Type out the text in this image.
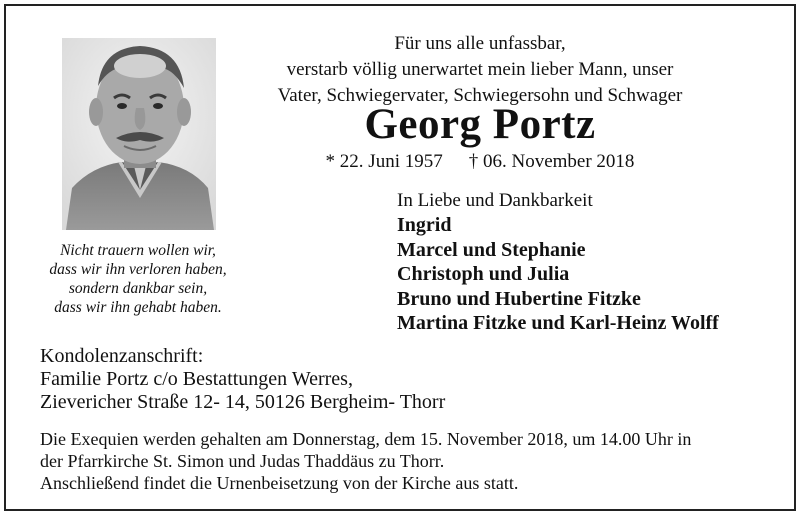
Für uns alle unfassbar,
verstarb völlig unerwartet mein lieber Mann, unser
Vater, Schwiegervater, Schwiegersohn und Schwager
Georg Portz
* 22. Juni 1957 † 06. November 2018
Nicht trauern wollen wir,
dass wir ihn verloren haben,
sondern dankbar sein,
dass wir ihn gehabt haben.
In Liebe und Dankbarkeit
Ingrid
Marcel und Stephanie
Christoph und Julia
Bruno und Hubertine Fitzke
Martina Fitzke und Karl-Heinz Wolff
Kondolenzanschrift:
Familie Portz c/o Bestattungen Werres,
Zieverich​er Straße 12- 14, 50126 Bergheim- Thorr
Die Exequien werden gehalten am Donnerstag, dem 15. November 2018, um 14.00 Uhr in
der Pfarrkirche St. Simon und Judas Thaddäus zu Thorr.
Anschließend findet die Urnenbeisetzung von der Kirche aus statt.
